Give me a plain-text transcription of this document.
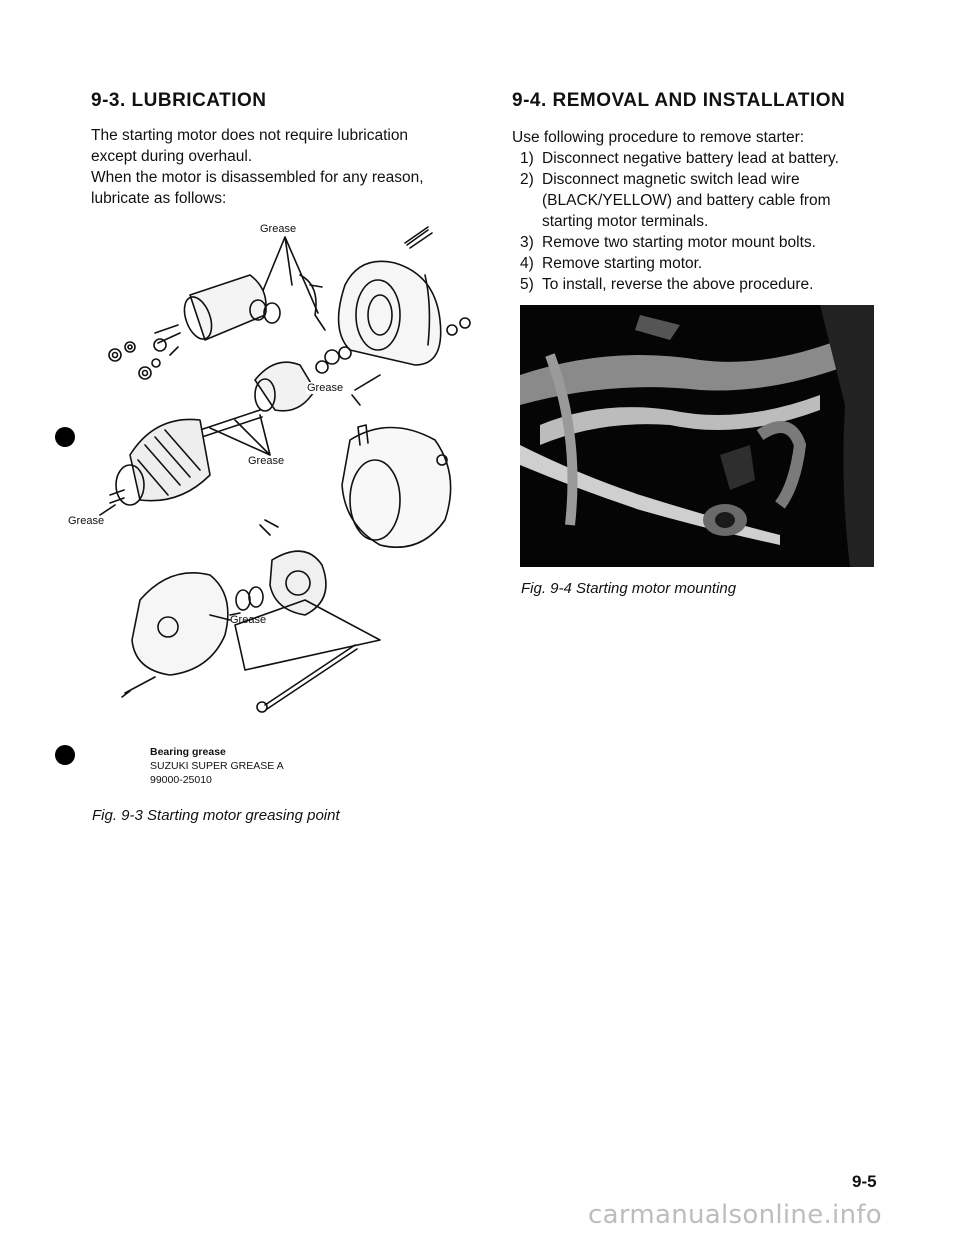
9-3. LUBRICATION
The starting motor does not require lubrication
except during overhaul.
When the motor is disassembled for any reason,
lubricate as follows:
Grease
Grease
Grease
Grease
Grease
Bearing grease
SUZUKI SUPER GREASE A
99000-25010
Fig. 9-3 Starting motor greasing point
9-4. REMOVAL AND INSTALLATION
Use following procedure to remove starter:
1) Disconnect negative battery lead at battery.
2) Disconnect magnetic switch lead wire (BLACK/YELLOW) and battery cable from starting motor terminals.
3) Remove two starting motor mount bolts.
4) Remove starting motor.
5) To install, reverse the above procedure.
Fig. 9-4 Starting motor mounting
9-5
carmanualsonline.info
